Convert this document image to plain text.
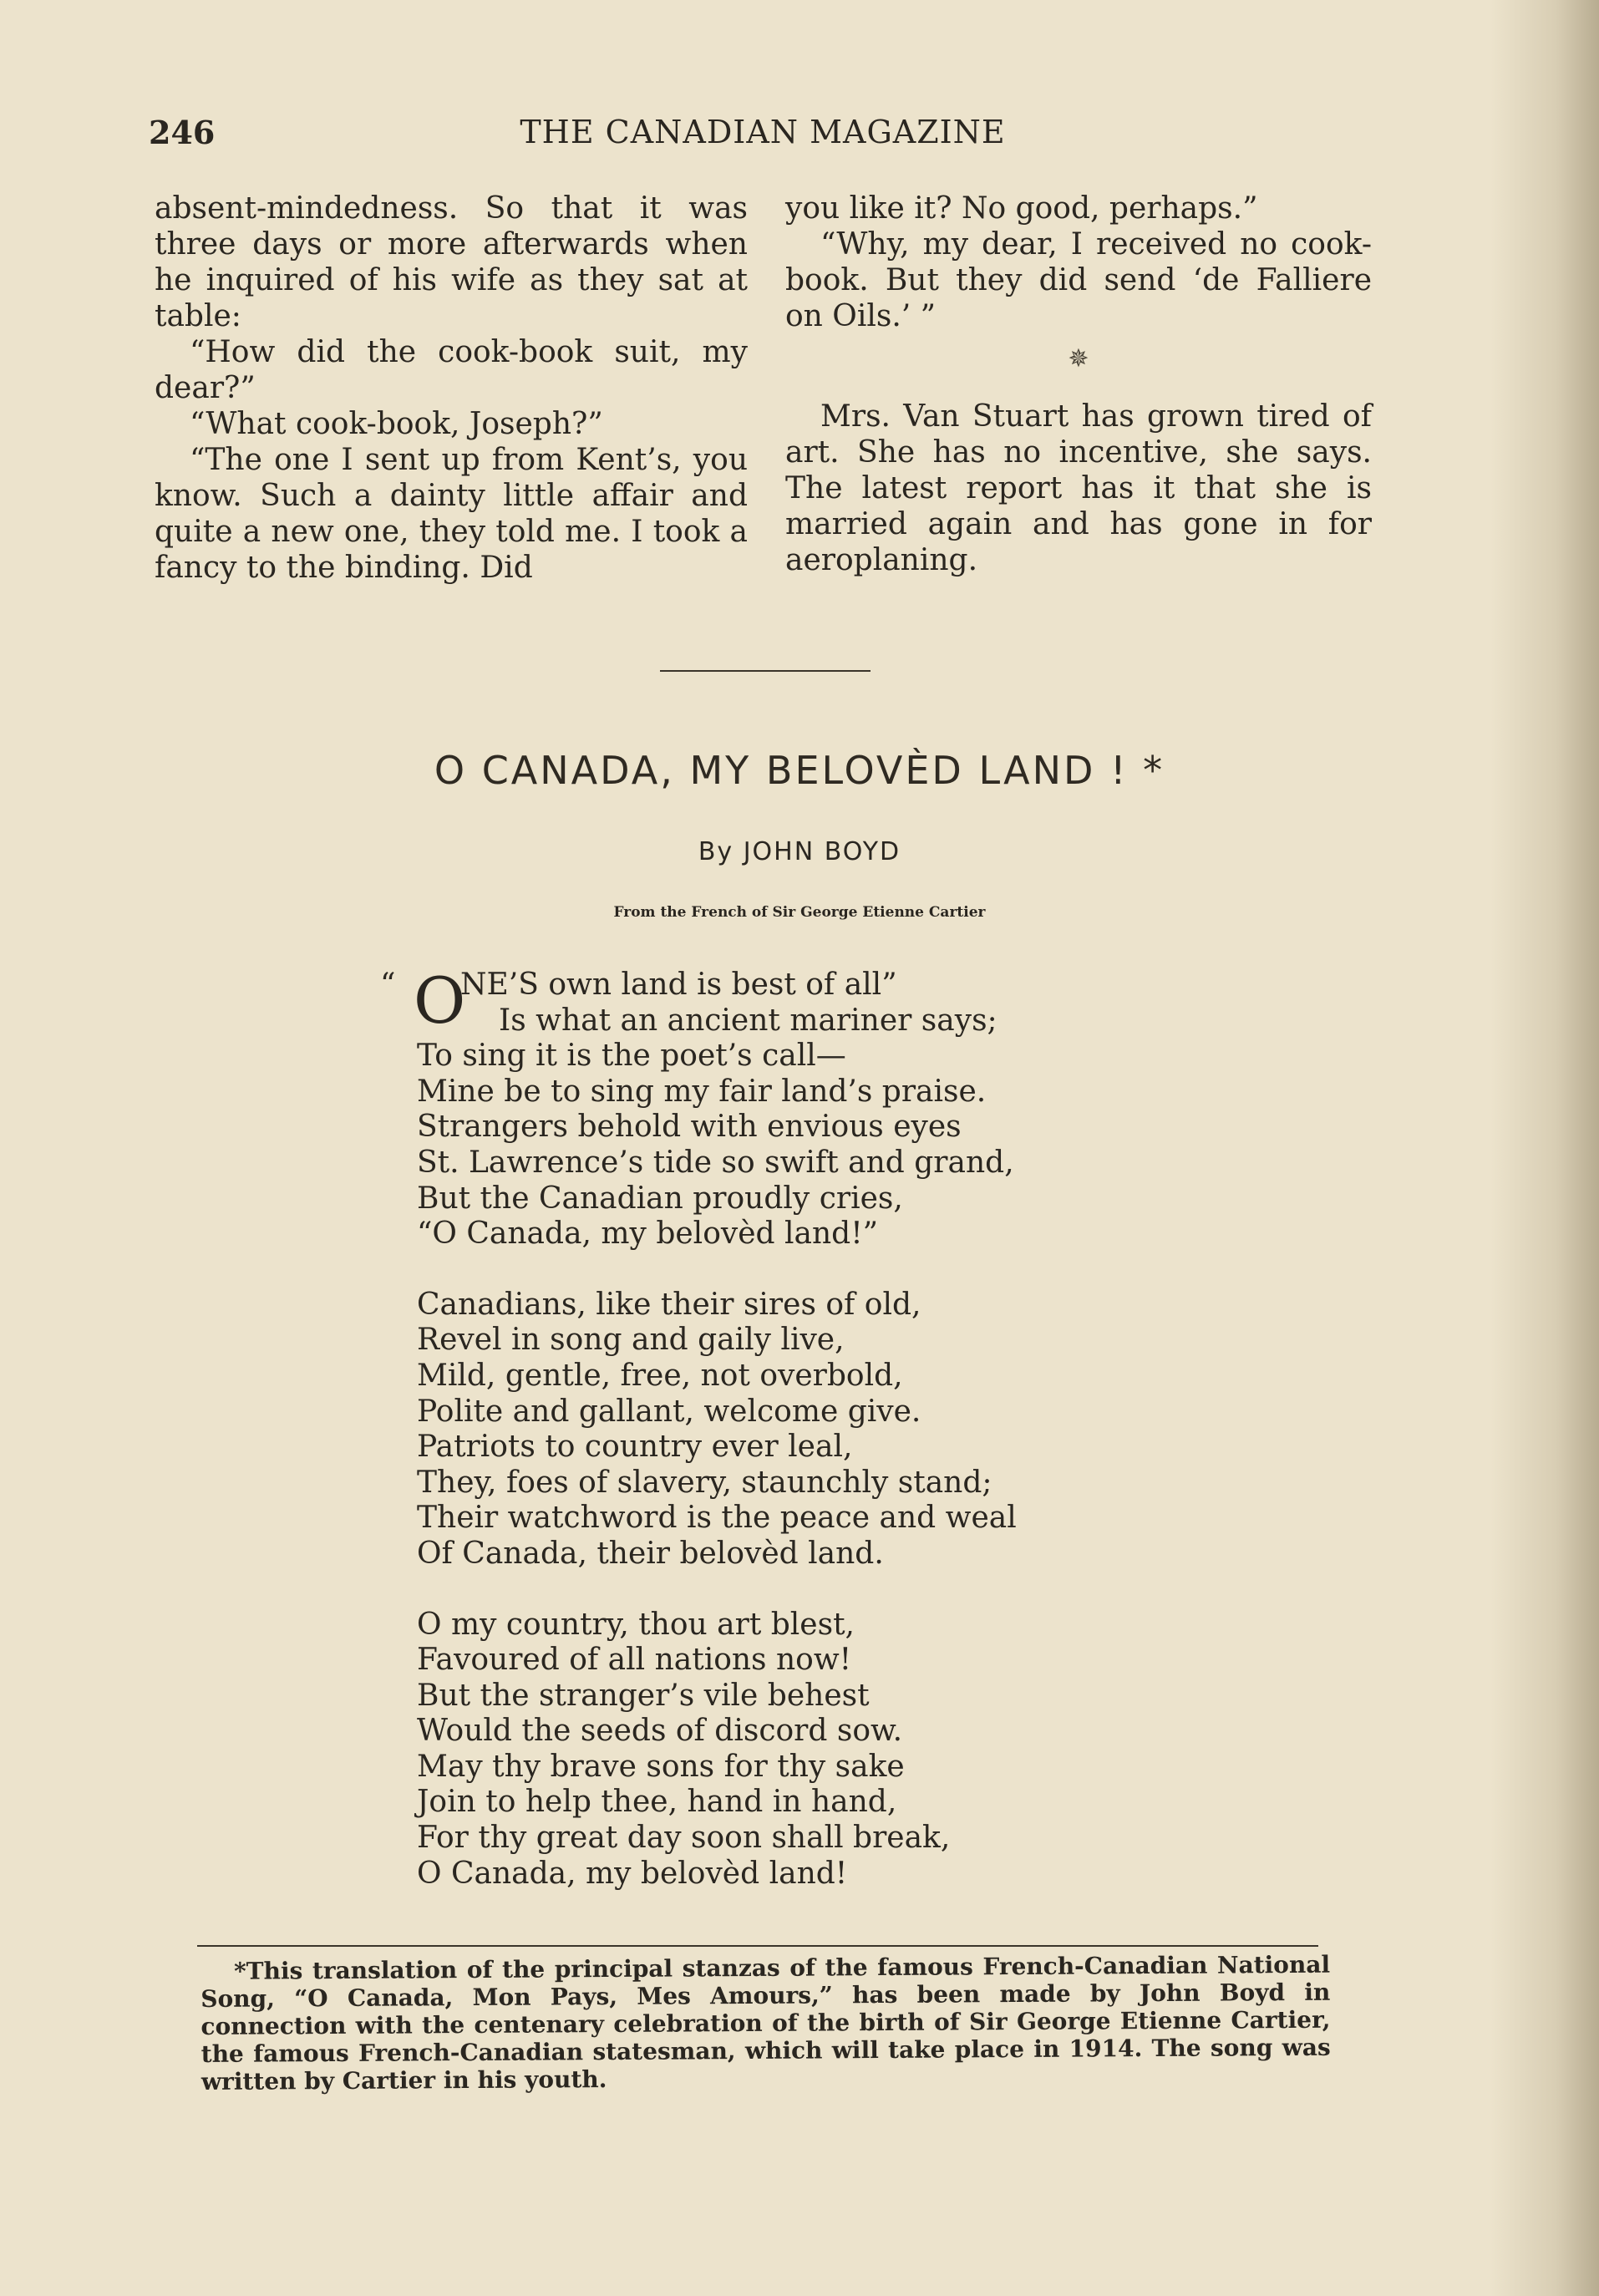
246	THE CANADIAN MAGAZINE

absent-mindedness. So that it was three days or more afterwards when he inquired of his wife as they sat at table:

“How did the cook-book suit, my dear?”

“What cook-book, Joseph?”

“The one I sent up from Kent’s, you know. Such a dainty little affair and quite a new one, they told me. I took a fancy to the binding. Did

you like it? No good, perhaps.”

“Why, my dear, I received no cook-book. But they did send ‘de Falliere on Oils.’ ”

✵

Mrs. Van Stuart has grown tired of art. She has no incentive, she says. The latest report has it that she is married again and has gone in for aeroplaning.

O CANADA, MY BELOVÈD LAND ! *
By JOHN BOYD
From the French of Sir George Etienne Cartier
“ O
NE’S own land is best of all”
Is what an ancient mariner says;
To sing it is the poet’s call—
Mine be to sing my fair land’s praise.
Strangers behold with envious eyes
St. Lawrence’s tide so swift and grand,
But the Canadian proudly cries,
“O Canada, my belovèd land!”
Canadians, like their sires of old,
Revel in song and gaily live,
Mild, gentle, free, not overbold,
Polite and gallant, welcome give.
Patriots to country ever leal,
They, foes of slavery, staunchly stand;
Their watchword is the peace and weal
Of Canada, their belovèd land.
O my country, thou art blest,
Favoured of all nations now!
But the stranger’s vile behest
Would the seeds of discord sow.
May thy brave sons for thy sake
Join to help thee, hand in hand,
For thy great day soon shall break,
O Canada, my belovèd land!

*This translation of the principal stanzas of the famous French-Canadian National Song, “O Canada, Mon Pays, Mes Amours,” has been made by John Boyd in connection with the centenary celebration of the birth of Sir George Etienne Cartier, the famous French-Canadian statesman, which will take place in 1914. The song was written by Cartier in his youth.
